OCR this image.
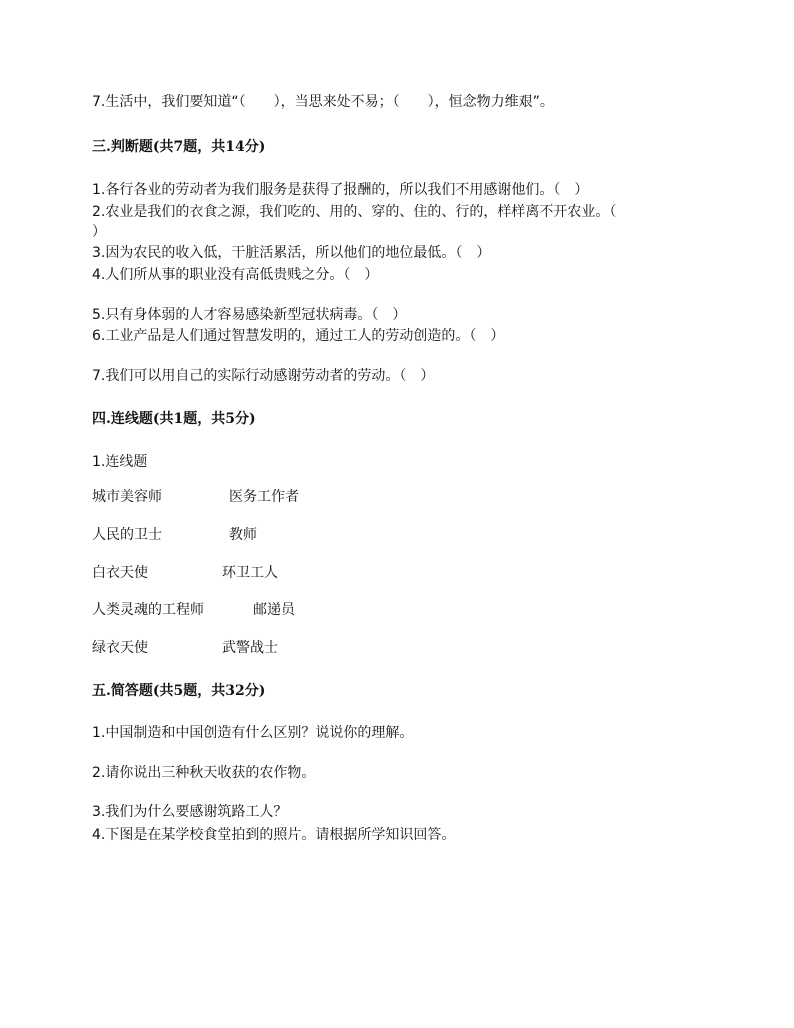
7.生活中，我们要知道“（　　），当思来处不易；（　　），恒念物力维艰”。
三.判断题(共7题，共14分)
1.各行各业的劳动者为我们服务是获得了报酬的，所以我们不用感谢他们。（　）
2.农业是我们的衣食之源，我们吃的、用的、穿的、住的、行的，样样离不开农业。（
）
3.因为农民的收入低，干脏活累活，所以他们的地位最低。（　）
4.人们所从事的职业没有高低贵贱之分。（　）
5.只有身体弱的人才容易感染新型冠状病毒。（　）
6.工业产品是人们通过智慧发明的，通过工人的劳动创造的。（　）
7.我们可以用自己的实际行动感谢劳动者的劳动。（　）
四.连线题(共1题，共5分)
1.连线题
城市美容师	医务工作者
人民的卫士	教师
白衣天使	环卫工人
人类灵魂的工程师	邮递员
绿衣天使	武警战士
五.简答题(共5题，共32分)
1.中国制造和中国创造有什么区别？说说你的理解。
2.请你说出三种秋天收获的农作物。
3.我们为什么要感谢筑路工人？
4.下图是在某学校食堂拍到的照片。请根据所学知识回答。
